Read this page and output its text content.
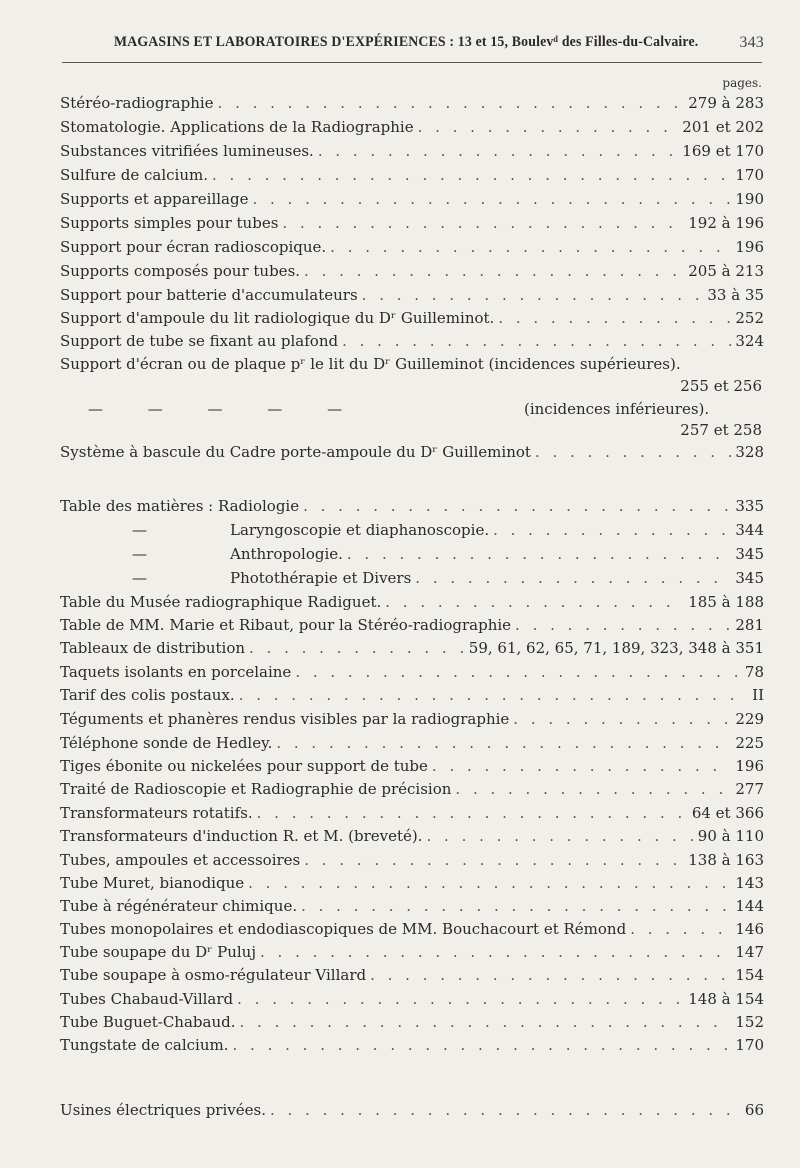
MAGASINS ET LABORATOIRES D'EXPÉRIENCES : 13 et 15, Boulevᵈ des Filles-du-Calvaire.	343
pages.
Stéréo-radiographie . . .	279 à 283
Stomatologie. Applications de la Radiographie . . .	201 et 202
Substances vitrifiées lumineuses. . . .	169 et 170
Sulfure de calcium. . . .	170
Supports et appareillage . . .	190
Supports simples pour tubes . . .	192 à 196
Support pour écran radioscopique. . . .	196
Supports composés pour tubes. . . .	205 à 213
Support pour batterie d'accumulateurs . . .	33 à 35
Support d'ampoule du lit radiologique du Dʳ Guilleminot. . . .	252
Support de tube se fixant au plafond . . .	324
Support d'écran ou de plaque pʳ le lit du Dʳ Guilleminot (incidences supérieures).
255 et 256
— — — — —	(incidences inférieures).
257 et 258
Système à bascule du Cadre porte-ampoule du Dʳ Guilleminot . . .	328
Table des matières : Radiologie . . .	335
—	Laryngoscopie et diaphanoscopie. . . .	344
—	Anthropologie. . . .	345
—	Photothérapie et Divers . . .	345
Table du Musée radiographique Radiguet. . . .	185 à 188
Table de MM. Marie et Ribaut, pour la Stéréo-radiographie . . .	281
Tableaux de distribution . . .	59, 61, 62, 65, 71, 189, 323, 348 à 351
Taquets isolants en porcelaine . . .	78
Tarif des colis postaux. . . .	II
Téguments et phanères rendus visibles par la radiographie . . .	229
Téléphone sonde de Hedley. . . .	225
Tiges ébonite ou nickelées pour support de tube . . .	196
Traité de Radioscopie et Radiographie de précision . . .	277
Transformateurs rotatifs. . . .	64 et 366
Transformateurs d'induction R. et M. (breveté). . . .	90 à 110
Tubes, ampoules et accessoires . . .	138 à 163
Tube Muret, bianodique . . .	143
Tube à régénérateur chimique. . . .	144
Tubes monopolaires et endodiascopiques de MM. Bouchacourt et Rémond . . .	146
Tube soupape du Dʳ Puluj . . .	147
Tube soupape à osmo-régulateur Villard . . .	154
Tubes Chabaud-Villard . . .	148 à 154
Tube Buguet-Chabaud. . . .	152
Tungstate de calcium. . . .	170
Usines électriques privées. . . .	66
